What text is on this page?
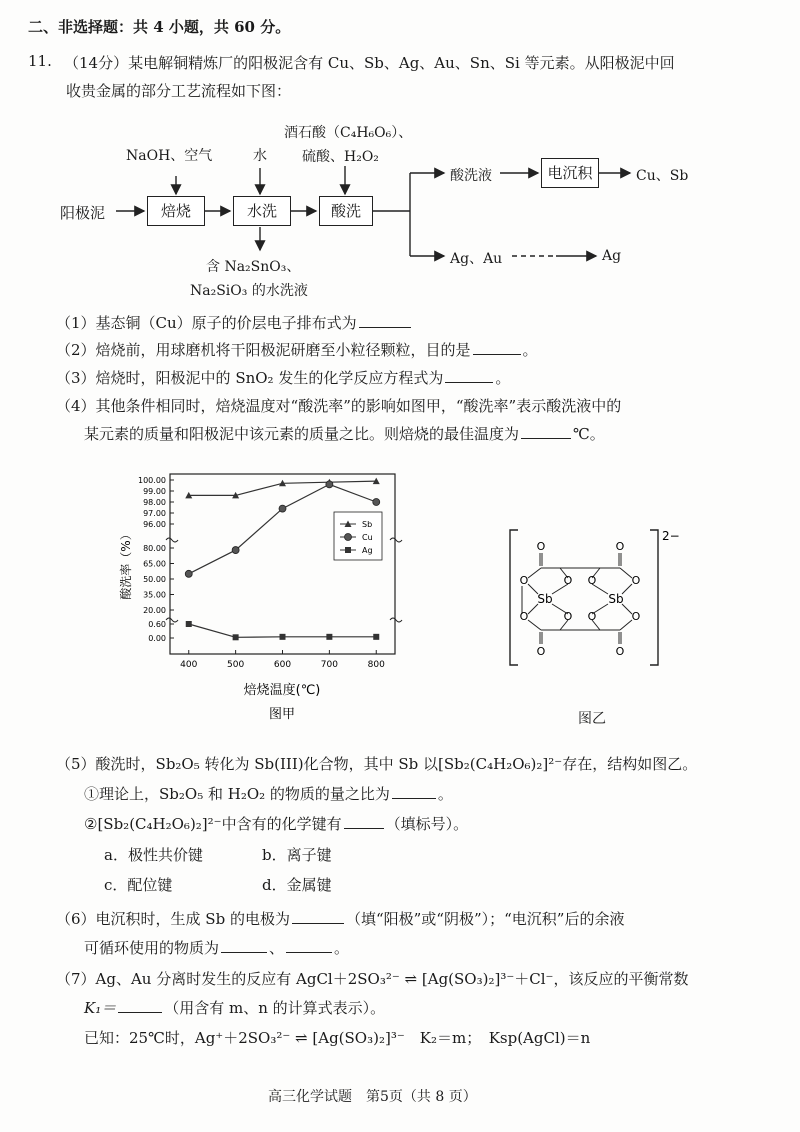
二、非选择题：共 4 小题，共 60 分。
11. （14分）某电解铜精炼厂的阳极泥含有 Cu、Sb、Ag、Au、Sn、Si 等元素。从阳极泥中回
收贵金属的部分工艺流程如下图：
阳极泥	焙烧	水洗	酸洗
电沉积
NaOH、空气	水
酒石酸（C₄H₆O₆）、
硫酸、H₂O₂
含 Na₂SnO₃、
Na₂SiO₃ 的水洗液
酸洗液	Cu、Sb
Ag、Au	Ag
（1）基态铜（Cu）原子的价层电子排布式为
（2）焙烧前，用球磨机将干阳极泥研磨至小粒径颗粒，目的是	。
（3）焙烧时，阳极泥中的 SnO₂ 发生的化学反应方程式为	。
（4）其他条件相同时，焙烧温度对“酸洗率”的影响如图甲，“酸洗率”表示酸洗液中的
某元素的质量和阳极泥中该元素的质量之比。则焙烧的最佳温度为	℃。
0.00
0.60
20.00
35.00
50.00
65.00
80.00
96.00
97.00
98.00
99.00
100.00
400	500	600	700	800
Sb
Cu
Ag
酸洗率（%）
焙烧温度(℃)
图甲
2−
O	O
O	O O	O
Sb	Sb
O	O O	O
O	O
图乙
（5）酸洗时，Sb₂O₅ 转化为 Sb(III)化合物，其中 Sb 以[Sb₂(C₄H₂O₆)₂]²⁻存在，结构如图乙。
①理论上，Sb₂O₅ 和 H₂O₂ 的物质的量之比为	。
②[Sb₂(C₄H₂O₆)₂]²⁻中含有的化学键有	（填标号）。
a．极性共价键	b．离子键
c．配位键	d．金属键
（6）电沉积时，生成 Sb 的电极为	（填“阳极”或“阴极”）；“电沉积”后的余液
可循环使用的物质为	、	。
（7）Ag、Au 分离时发生的反应有 AgCl＋2SO₃²⁻ ⇌ [Ag(SO₃)₂]³⁻＋Cl⁻，该反应的平衡常数
K₁＝	（用含有 m、n 的计算式表示）。
已知：25℃时，Ag⁺＋2SO₃²⁻ ⇌ [Ag(SO₃)₂]³⁻　K₂＝m；　Ksp(AgCl)＝n
高三化学试题　第5页（共 8 页）
